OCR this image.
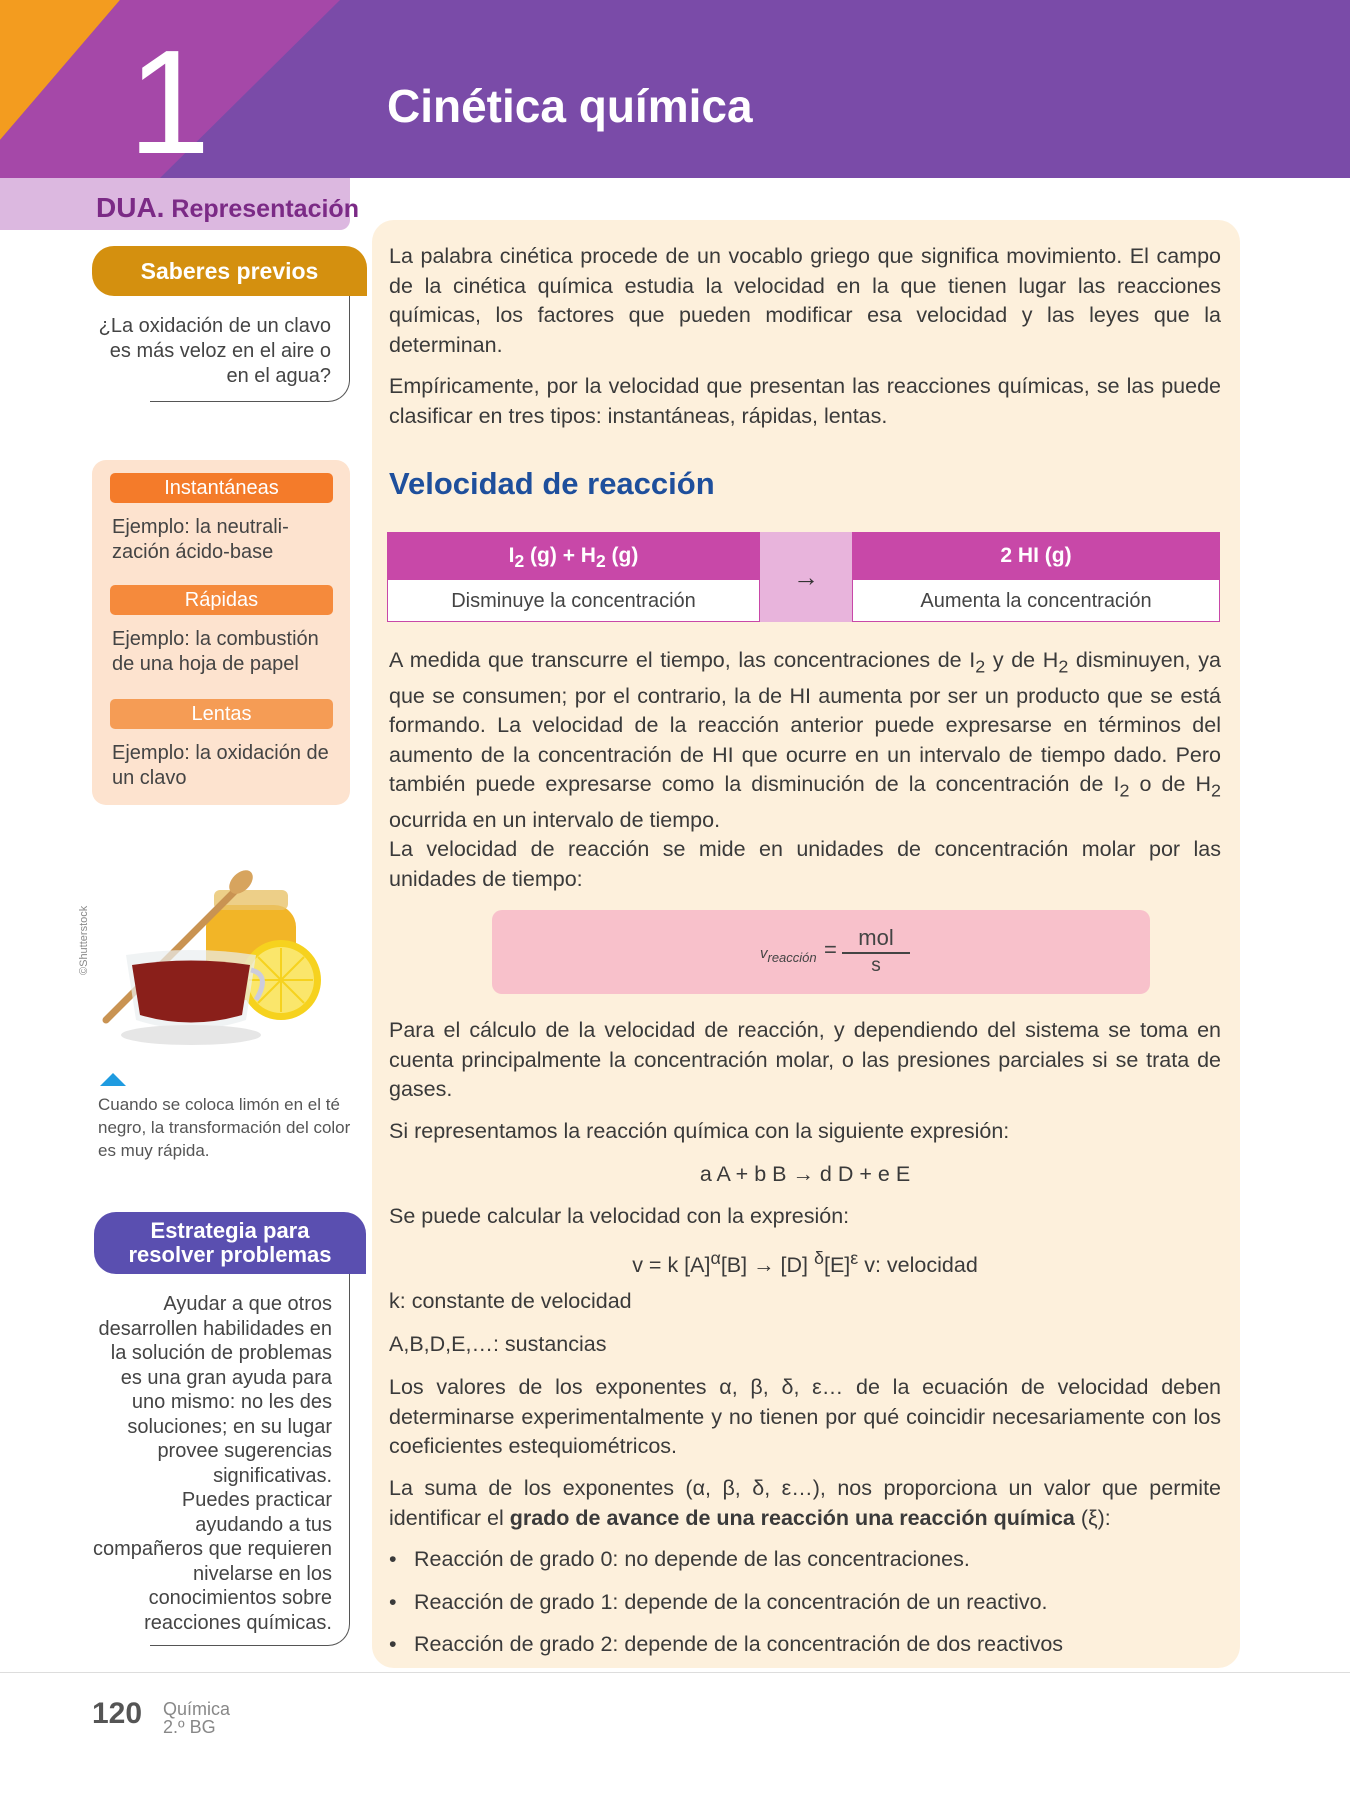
1	Cinética química
DUA. Representación
Saberes previos
¿La oxidación de un clavo es más veloz en el aire o en el agua?
Instantáneas
Ejemplo: la neutrali-zación ácido-base
Rápidas
Ejemplo: la combustión de una hoja de papel
Lentas
Ejemplo: la oxidación de un clavo
©Shutterstock
Cuando se coloca limón en el té negro, la transformación del color es muy rápida.
Estrategia para
resolver problemas
Ayudar a que otros desarrollen habilidades en la solución de problemas es una gran ayuda para uno mismo: no les des soluciones; en su lugar provee sugerencias significativas.
Puedes practicar ayudando a tus compañeros que requieren nivelarse en los conocimientos sobre reacciones químicas.
La palabra cinética procede de un vocablo griego que significa movimiento. El campo de la cinética química estudia la velocidad en la que tienen lugar las reacciones químicas, los factores que pueden modificar esa velocidad y las leyes que la determinan.
Empíricamente, por la velocidad que presentan las reacciones químicas, se las puede clasificar en tres tipos: instantáneas, rápidas, lentas.
Velocidad de reacción
$I_2$ $(g) + H_2$ (g)
→
2 HI (g)
Disminuye la concentración	Aumenta la concentración
A medida que transcurre el tiempo, las concentraciones de $I_2$ y de $H_2$ disminuyen, ya que se consumen; por el contrario, la de HI aumenta por ser un producto que se está formando. La velocidad de la reacción anterior puede expresarse en términos del aumento de la concentración de HI que ocurre en un intervalo de tiempo dado. Pero también puede expresarse como la disminución de la concentración de $I_2$ o de $H_2$ ocurrida en un intervalo de tiempo.
La velocidad de reacción se mide en unidades de concentración molar por las unidades de tiempo:
$v_{reacción}$ = mol
s
Para el cálculo de la velocidad de reacción, y dependiendo del sistema se toma en cuenta principalmente la concentración molar, o las presiones parciales si se trata de gases.
Si representamos la reacción química con la siguiente expresión:
a A + b B → d D + e E
Se puede calcular la velocidad con la expresión:
v = k $[A]^\alpha[B] \to [D]$ $^\delta[E]^\varepsilon$ v: velocidad
k: constante de velocidad
A,B,D,E,…: sustancias
Los valores de los exponentes α, β, δ, ε… de la ecuación de velocidad deben determinarse experimentalmente y no tienen por qué coincidir necesariamente con los coeficientes estequiométricos.
La suma de los exponentes (α, β, δ, ε…), nos proporciona un valor que permite identificar el grado de avance de una reacción una reacción química (ξ):
• Reacción de grado 0: no depende de las concentraciones.
• Reacción de grado 1: depende de la concentración de un reactivo.
• Reacción de grado 2: depende de la concentración de dos reactivos
120 Química
2.º BG
